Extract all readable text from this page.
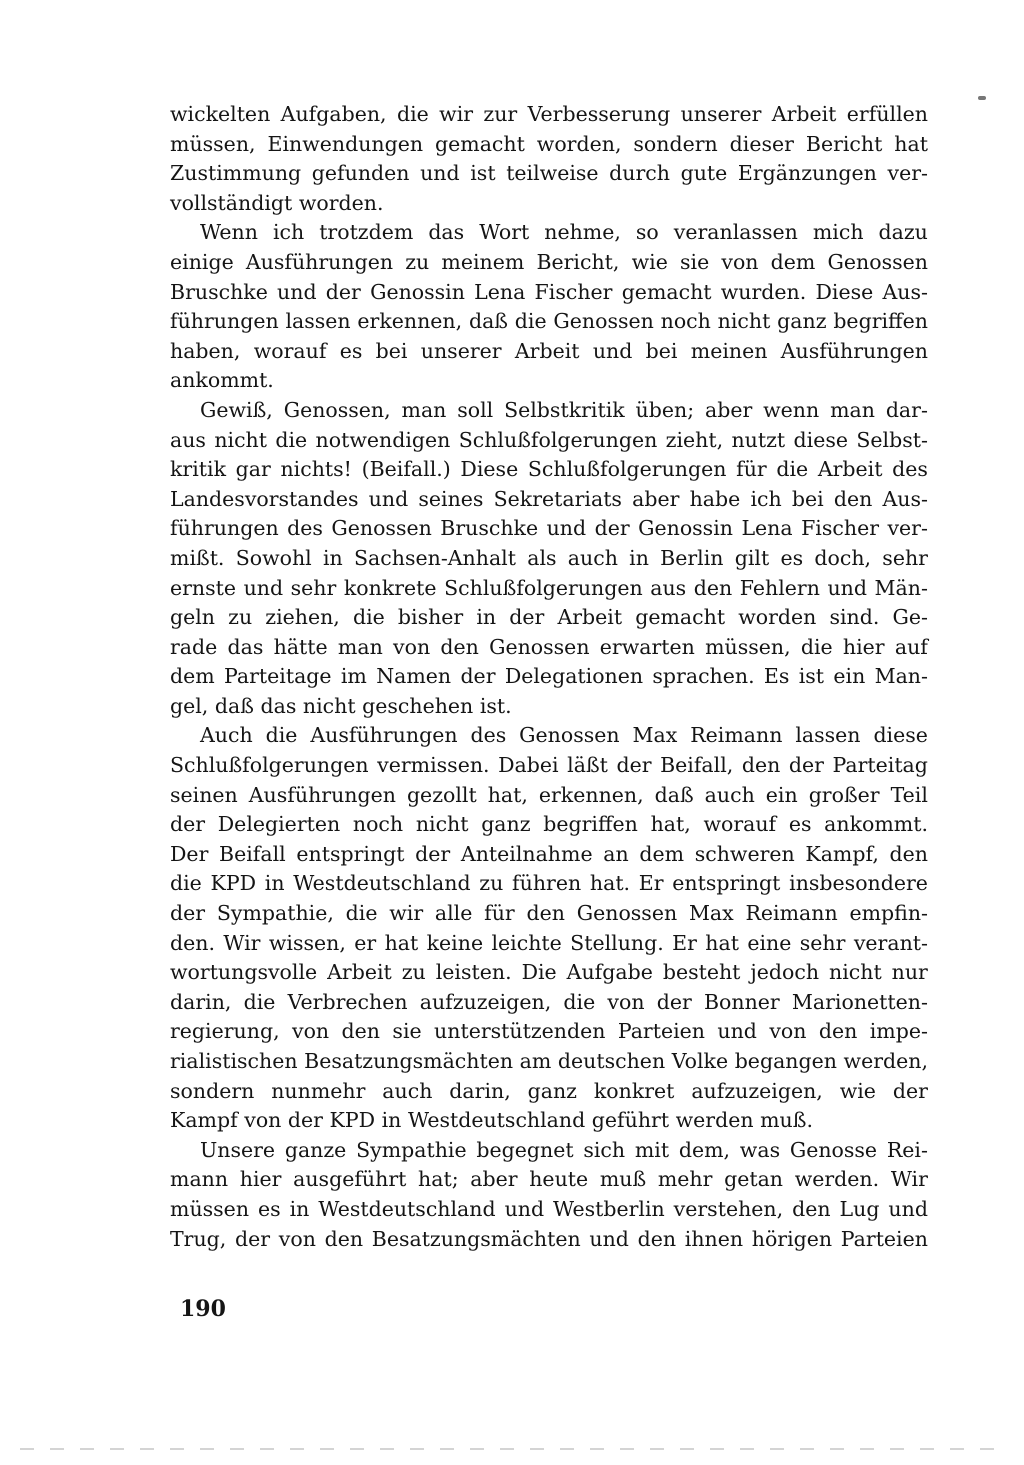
wickelten Aufgaben, die wir zur Verbesserung unserer Arbeit erfüllen
müssen, Einwendungen gemacht worden, sondern dieser Bericht hat
Zustimmung gefunden und ist teilweise durch gute Ergänzungen ver-
vollständigt worden.
Wenn ich trotzdem das Wort nehme, so veranlassen mich dazu
einige Ausführungen zu meinem Bericht, wie sie von dem Genossen
Bruschke und der Genossin Lena Fischer gemacht wurden. Diese Aus-
führungen lassen erkennen, daß die Genossen noch nicht ganz begriffen
haben, worauf es bei unserer Arbeit und bei meinen Ausführungen
ankommt.
Gewiß, Genossen, man soll Selbstkritik üben; aber wenn man dar-
aus nicht die notwendigen Schlußfolgerungen zieht, nutzt diese Selbst-
kritik gar nichts! (Beifall.) Diese Schlußfolgerungen für die Arbeit des
Landesvorstandes und seines Sekretariats aber habe ich bei den Aus-
führungen des Genossen Bruschke und der Genossin Lena Fischer ver-
mißt. Sowohl in Sachsen-Anhalt als auch in Berlin gilt es doch, sehr
ernste und sehr konkrete Schlußfolgerungen aus den Fehlern und Män-
geln zu ziehen, die bisher in der Arbeit gemacht worden sind. Ge-
rade das hätte man von den Genossen erwarten müssen, die hier auf
dem Parteitage im Namen der Delegationen sprachen. Es ist ein Man-
gel, daß das nicht geschehen ist.
Auch die Ausführungen des Genossen Max Reimann lassen diese
Schlußfolgerungen vermissen. Dabei läßt der Beifall, den der Parteitag
seinen Ausführungen gezollt hat, erkennen, daß auch ein großer Teil
der Delegierten noch nicht ganz begriffen hat, worauf es ankommt.
Der Beifall entspringt der Anteilnahme an dem schweren Kampf, den
die KPD in Westdeutschland zu führen hat. Er entspringt insbesondere
der Sympathie, die wir alle für den Genossen Max Reimann empfin-
den. Wir wissen, er hat keine leichte Stellung. Er hat eine sehr verant-
wortungsvolle Arbeit zu leisten. Die Aufgabe besteht jedoch nicht nur
darin, die Verbrechen aufzuzeigen, die von der Bonner Marionetten-
regierung, von den sie unterstützenden Parteien und von den impe-
rialistischen Besatzungsmächten am deutschen Volke begangen werden,
sondern nunmehr auch darin, ganz konkret aufzuzeigen, wie der
Kampf von der KPD in Westdeutschland geführt werden muß.
Unsere ganze Sympathie begegnet sich mit dem, was Genosse Rei-
mann hier ausgeführt hat; aber heute muß mehr getan werden. Wir
müssen es in Westdeutschland und Westberlin verstehen, den Lug und
Trug, der von den Besatzungsmächten und den ihnen hörigen Parteien
190
